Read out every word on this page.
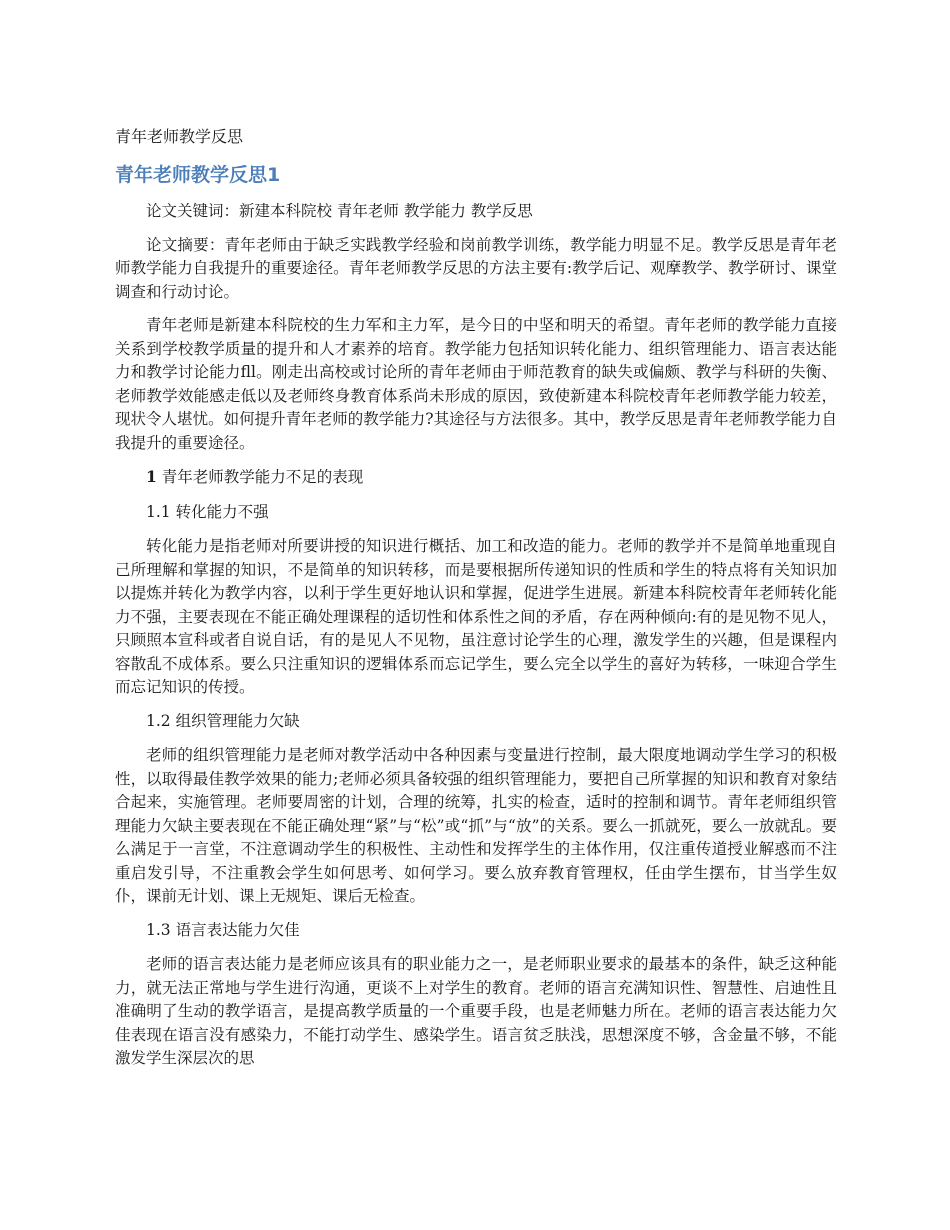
青年老师教学反思
青年老师教学反思1

论文关键词：新建本科院校 青年老师 教学能力 教学反思

论文摘要：青年老师由于缺乏实践教学经验和岗前教学训练，教学能力明显不足。教学反思是青年老师教学能力自我提升的重要途径。青年老师教学反思的方法主要有:教学后记、观摩教学、教学研讨、课堂调查和行动讨论。

青年老师是新建本科院校的生力军和主力军，是今日的中坚和明天的希望。青年老师的教学能力直接关系到学校教学质量的提升和人才素养的培育。教学能力包括知识转化能力、组织管理能力、语言表达能力和教学讨论能力fll。刚走出高校或讨论所的青年老师由于师范教育的缺失或偏颇、教学与科研的失衡、老师教学效能感走低以及老师终身教育体系尚未形成的原因，致使新建本科院校青年老师教学能力较差，现状令人堪忧。如何提升青年老师的教学能力?其途径与方法很多。其中，教学反思是青年老师教学能力自我提升的重要途径。

1 青年老师教学能力不足的表现

1.1 转化能力不强

转化能力是指老师对所要讲授的知识进行概括、加工和改造的能力。老师的教学并不是简单地重现自己所理解和掌握的知识，不是简单的知识转移，而是要根据所传递知识的性质和学生的特点将有关知识加以提炼并转化为教学内容，以利于学生更好地认识和掌握，促进学生进展。新建本科院校青年老师转化能力不强，主要表现在不能正确处理课程的适切性和体系性之间的矛盾，存在两种倾向:有的是见物不见人，只顾照本宣科或者自说自话，有的是见人不见物，虽注意讨论学生的心理，激发学生的兴趣，但是课程内容散乱不成体系。要么只注重知识的逻辑体系而忘记学生，要么完全以学生的喜好为转移，一味迎合学生而忘记知识的传授。

1.2 组织管理能力欠缺

老师的组织管理能力是老师对教学活动中各种因素与变量进行控制，最大限度地调动学生学习的积极性，以取得最佳教学效果的能力;老师必须具备较强的组织管理能力，要把自己所掌握的知识和教育对象结合起来，实施管理。老师要周密的计划，合理的统筹，扎实的检查，适时的控制和调节。青年老师组织管理能力欠缺主要表现在不能正确处理“紧”与“松”或“抓”与“放”的关系。要么一抓就死，要么一放就乱。要么满足于一言堂，不注意调动学生的积极性、主动性和发挥学生的主体作用，仅注重传道授业解惑而不注重启发引导，不注重教会学生如何思考、如何学习。要么放弃教育管理权，任由学生摆布，甘当学生奴仆，课前无计划、课上无规矩、课后无检查。

1.3 语言表达能力欠佳

老师的语言表达能力是老师应该具有的职业能力之一，是老师职业要求的最基本的条件，缺乏这种能力，就无法正常地与学生进行沟通，更谈不上对学生的教育。老师的语言充满知识性、智慧性、启迪性且准确明了生动的教学语言，是提高教学质量的一个重要手段，也是老师魅力所在。老师的语言表达能力欠佳表现在语言没有感染力，不能打动学生、感染学生。语言贫乏肤浅，思想深度不够，含金量不够，不能激发学生深层次的思
